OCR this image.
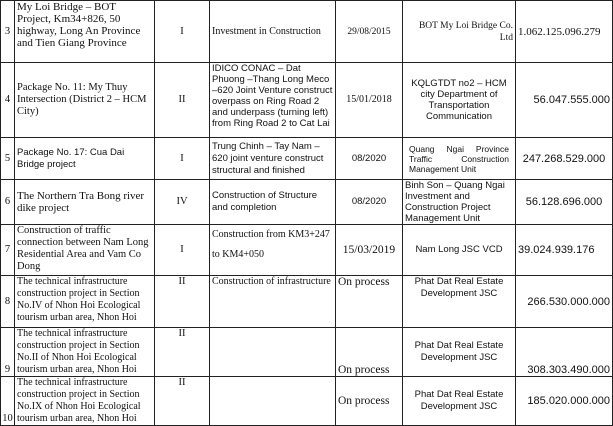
3	My Loi Bridge – BOT Project, Km34+826, 50 highway, Long An Province and Tien Giang Province	I	Investment in Construction	29/08/2015	BOT My Loi Bridge Co. Ltd	1.062.125.096.279
4	Package No. 11: My Thuy Intersection (District 2 – HCM City)	II	IDICO CONAC – Dat Phuong –Thang Long Meco –620 Joint Venture construct overpass on Ring Road 2 and underpass (turning left) from Ring Road 2 to Cat Lai	15/01/2018	KQLGTDT no2 – HCM city Department of Transportation Communication	56.047.555.000
5	Package No. 17: Cua Dai Bridge project	I	Trung Chinh – Tay Nam – 620 joint venture construct structural and finished	08/2020	Quang Ngai Province Traffic Construction Management Unit	247.268.529.000
6	The Northern Tra Bong river dike project	IV	Construction of Structure and completion	08/2020	Binh Son – Quang Ngai Investment and Construction Project Management Unit	56.128.696.000
7	Construction of traffic connection between Nam Long Residential Area and Vam Co Dong	I	Construction from KM3+247
to KM4+050	15/03/2019	Nam Long JSC VCD	39.024.939.176
8	The technical infrastructure construction project in Section No.IV of Nhon Hoi Ecological tourism urban area, Nhon Hoi	II	Construction of infrastructure	On process	Phat Dat Real Estate Development JSC	266.530.000.000
9	The technical infrastructure construction project in Section No.II of Nhon Hoi Ecological tourism urban area, Nhon Hoi	II		On process	Phat Dat Real Estate Development JSC	308.303.490.000
10	The technical infrastructure construction project in Section No.IX of Nhon Hoi Ecological tourism urban area, Nhon Hoi	II		On process	Phat Dat Real Estate Development JSC	185.020.000.000
